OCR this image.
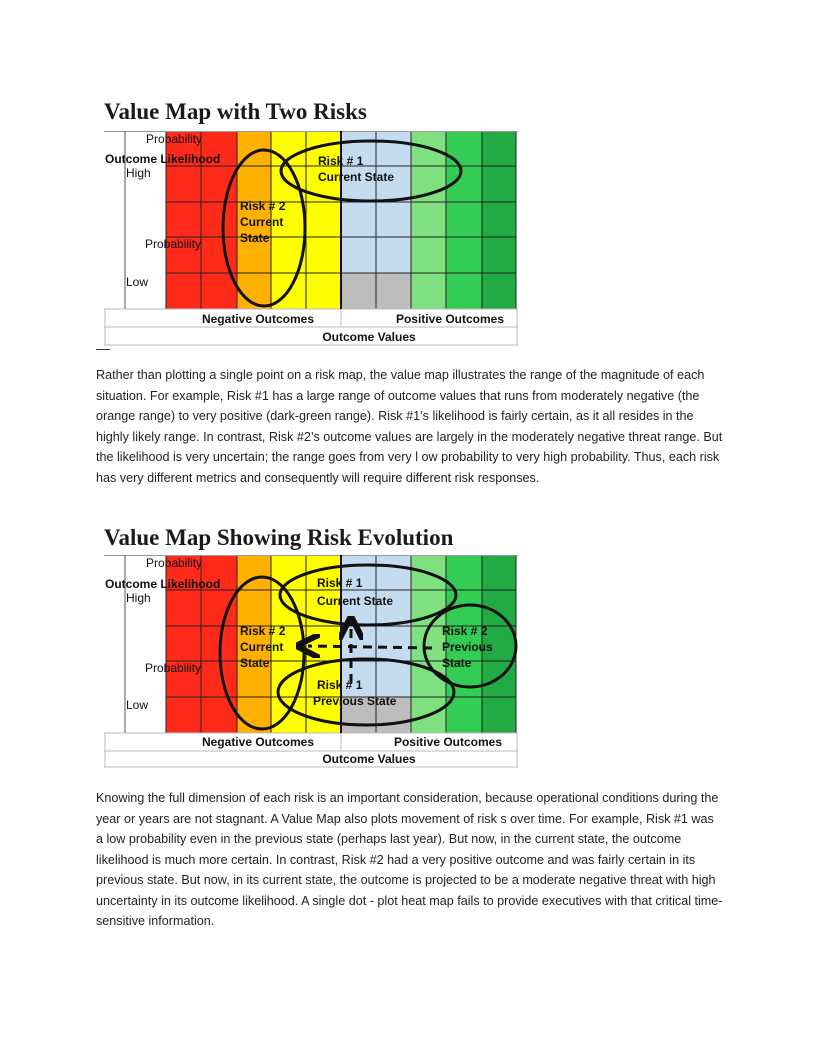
Value Map with Two Risks
Probability
Outcome Likelihood
High
Probability
Low
Negative Outcomes	Positive Outcomes
Outcome Values
Risk # 1
Current State
Risk # 2
Current
State

Rather than plotting a single point on a risk map, the value map illustrates the range of the magnitude of each situation. For example, Risk #1 has a large range of outcome values that runs from moderately negative (the orange range) to very positive (dark-green range). Risk #1’s likelihood is fairly certain, as it all resides in the highly likely range. In contrast, Risk #2’s outcome values are largely in the moderately negative threat range. But the likelihood is very uncertain; the range goes from very l ow probability to very high probability. Thus, each risk has very different metrics and consequently will require different risk responses.

Value Map Showing Risk Evolution
Probability
Outcome Likelihood
High
Probability
Low
Negative Outcomes	Positive Outcomes
Outcome Values
Risk # 1
Current State
Risk # 2
Current
State
Risk # 2
Previous
State
Risk # 1
Previous State

Knowing the full dimension of each risk is an important consideration, because operational conditions during the year or years are not stagnant. A Value Map also plots movement of risk s over time. For example, Risk #1 was a low probability even in the previous state (perhaps last year). But now, in the current state, the outcome likelihood is much more certain. In contrast, Risk #2 had a very positive outcome and was fairly certain in its previous state. But now, in its current state, the outcome is projected to be a moderate negative threat with high uncertainty in its outcome likelihood. A single dot - plot heat map fails to provide executives with that critical time-sensitive information.
